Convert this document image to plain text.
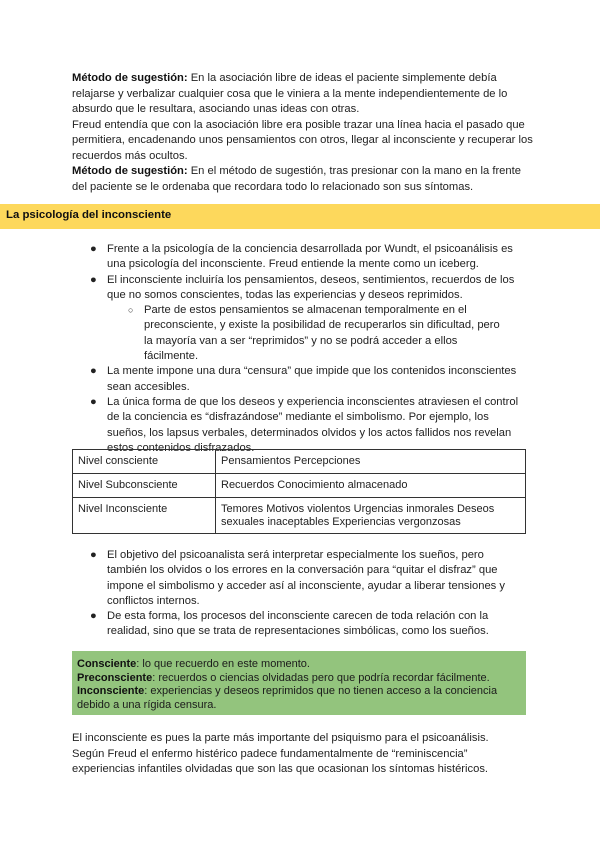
Método de sugestión: En la asociación libre de ideas el paciente simplemente debía relajarse y verbalizar cualquier cosa que le viniera a la mente independientemente de lo absurdo que le resultara, asociando unas ideas con otras.

Freud entendía que con la asociación libre era posible trazar una línea hacia el pasado que permitiera, encadenando unos pensamientos con otros, llegar al inconsciente y recuperar los recuerdos más ocultos.

Método de sugestión: En el método de sugestión, tras presionar con la mano en la frente del paciente se le ordenaba que recordara todo lo relacionado son sus síntomas.

La psicología del inconsciente
● Frente a la psicología de la conciencia desarrollada por Wundt, el psicoanálisis es una psicología del inconsciente. Freud entiende la mente como un iceberg.
● El inconsciente incluiría los pensamientos, deseos, sentimientos, recuerdos de los que no somos conscientes, todas las experiencias y deseos reprimidos.
○ Parte de estos pensamientos se almacenan temporalmente en el preconsciente, y existe la posibilidad de recuperarlos sin dificultad, pero la mayoría van a ser “reprimidos” y no se podrá acceder a ellos fácilmente.
● La mente impone una dura “censura” que impide que los contenidos inconscientes sean accesibles.
● La única forma de que los deseos y experiencia inconscientes atraviesen el control de la conciencia es “disfrazándose” mediante el simbolismo. Por ejemplo, los sueños, los lapsus verbales, determinados olvidos y los actos fallidos nos revelan estos contenidos disfrazados.
Nivel consciente	Pensamientos Percepciones
Nivel Subconsciente	Recuerdos Conocimiento almacenado
Nivel Inconsciente	Temores Motivos violentos Urgencias inmorales Deseos sexuales inaceptables Experiencias vergonzosas
● El objetivo del psicoanalista será interpretar especialmente los sueños, pero también los olvidos o los errores en la conversación para “quitar el disfraz” que impone el simbolismo y acceder así al inconsciente, ayudar a liberar tensiones y conflictos internos.
● De esta forma, los procesos del inconsciente carecen de toda relación con la realidad, sino que se trata de representaciones simbólicas, como los sueños.
Consciente: lo que recuerdo en este momento.
Preconsciente: recuerdos o ciencias olvidadas pero que podría recordar fácilmente.
Inconsciente: experiencias y deseos reprimidos que no tienen acceso a la conciencia debido a una rígida censura.

El inconsciente es pues la parte más importante del psiquismo para el psicoanálisis. Según Freud el enfermo histérico padece fundamentalmente de “reminiscencia” experiencias infantiles olvidadas que son las que ocasionan los síntomas histéricos.
